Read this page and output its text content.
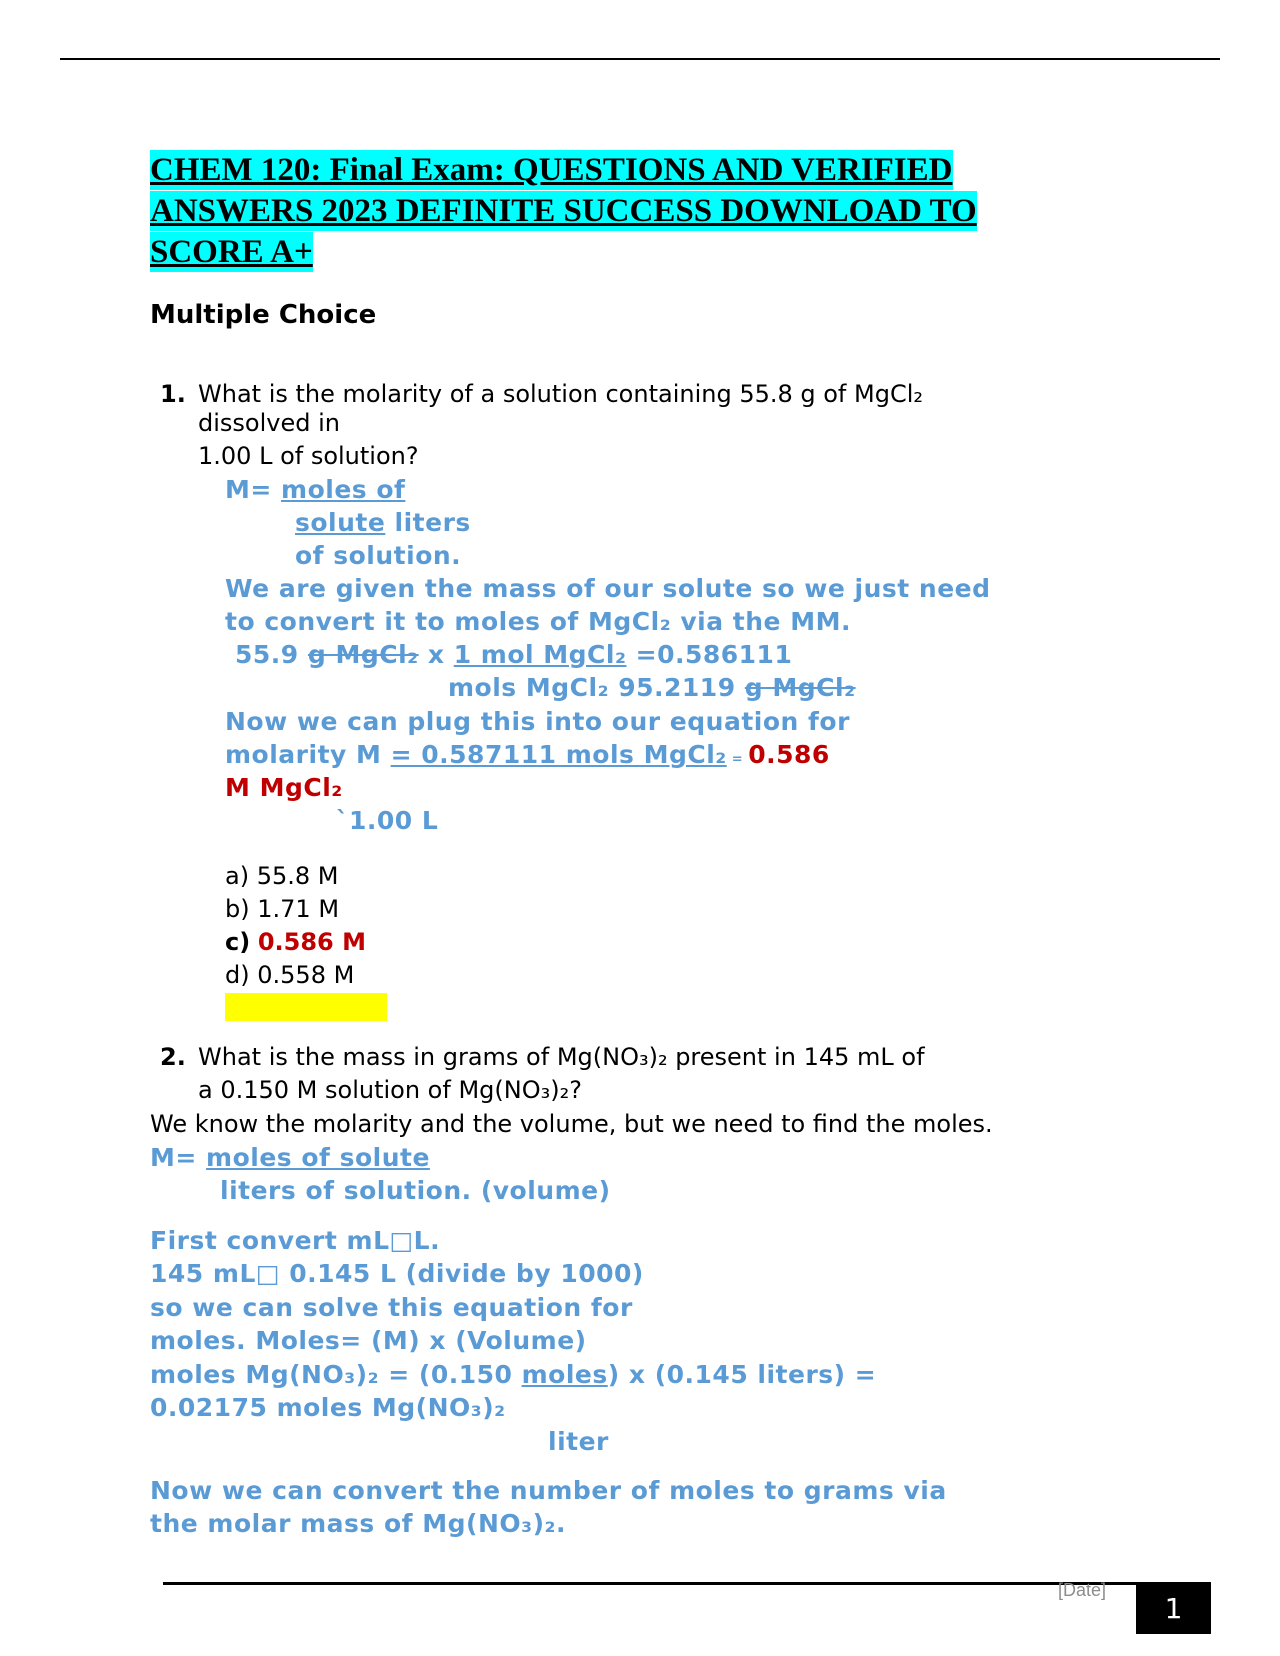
CHEM 120: Final Exam: QUESTIONS AND VERIFIED
ANSWERS 2023 DEFINITE SUCCESS DOWNLOAD TO
SCORE A+
Multiple Choice
1. What is the molarity of a solution containing 55.8 g of MgCl₂
dissolved in
1.00 L of solution?
M= moles of
solute liters
of solution.
We are given the mass of our solute so we just need
to convert it to moles of MgCl₂ via the MM.
55.9 g MgCl₂ x 1 mol MgCl₂ =0.586111
mols MgCl₂ 95.2119 g MgCl₂
Now we can plug this into our equation for
molarity M = 0.587111 mols MgCl₂ = 0.586
M MgCl₂
`1.00 L
a) 55.8 M
b) 1.71 M
c) 0.586 M
d) 0.558 M
2. What is the mass in grams of Mg(NO₃)₂ present in 145 mL of
a 0.150 M solution of Mg(NO₃)₂?
We know the molarity and the volume, but we need to find the moles.
M= moles of solute
liters of solution. (volume)
First convert mL□L.
145 mL□ 0.145 L (divide by 1000)
so we can solve this equation for
moles. Moles= (M) x (Volume)
moles Mg(NO₃)₂ = (0.150 moles) x (0.145 liters) =
0.02175 moles Mg(NO₃)₂
liter
Now we can convert the number of moles to grams via
the molar mass of Mg(NO₃)₂.
[Date]
1
